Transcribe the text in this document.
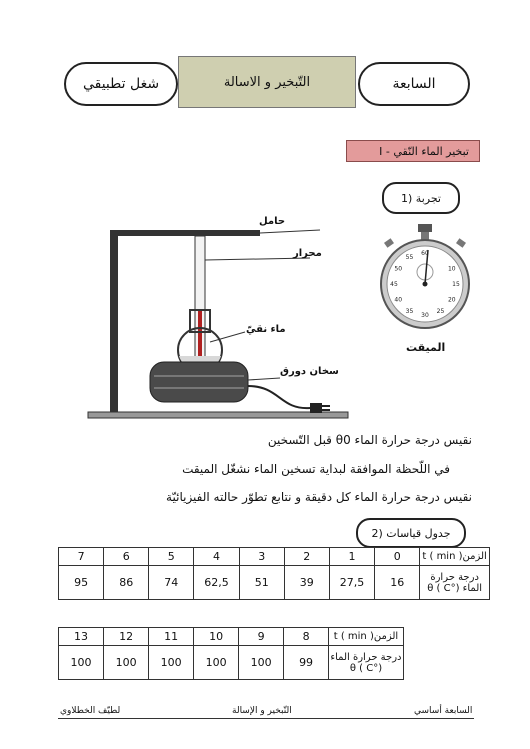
شغل تطبيقي	التّبخير و الاسالة	السابعة
I - تبخير الماء النّقي
1) تجربة
حامل
محرار
ماء نقيّ
سخان دورق
60
10
15
20
25
30
35
40
45
50
55
الميقت
نقيس درجة حرارة الماء θ0 قبل التّسخين
في اللّحظة الموافقة لبداية تسخين الماء نشغّل الميقت
نقيس درجة حرارة الماء كل دقيقة و نتابع تطوّر حالته الفيزيائيّة
2) جدول قياسات
الزمن( t ( min	0	1	2	3	4	5	6	7
درجة حرارة الماء (°C ) θ	16	27,5	39	51	62,5	74	86	95
الزمن( t ( min	8	9	10	11	12	13
درجة حرارة الماء (°C ) θ	99	100	100	100	100	100
لطيّف الخطلاوي	التّبخير و الإسالة	السابعة أساسي
